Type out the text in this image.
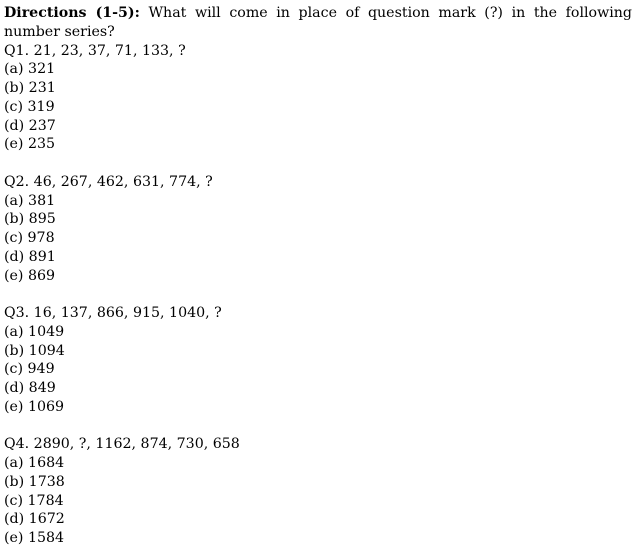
Directions (1-5): What will come in place of question mark (?) in the following number series?
Q1. 21, 23, 37, 71, 133, ?
(a) 321
(b) 231
(c) 319
(d) 237
(e) 235
Q2. 46, 267, 462, 631, 774, ?
(a) 381
(b) 895
(c) 978
(d) 891
(e) 869
Q3. 16, 137, 866, 915, 1040, ?
(a) 1049
(b) 1094
(c) 949
(d) 849
(e) 1069
Q4. 2890, ?, 1162, 874, 730, 658
(a) 1684
(b) 1738
(c) 1784
(d) 1672
(e) 1584
